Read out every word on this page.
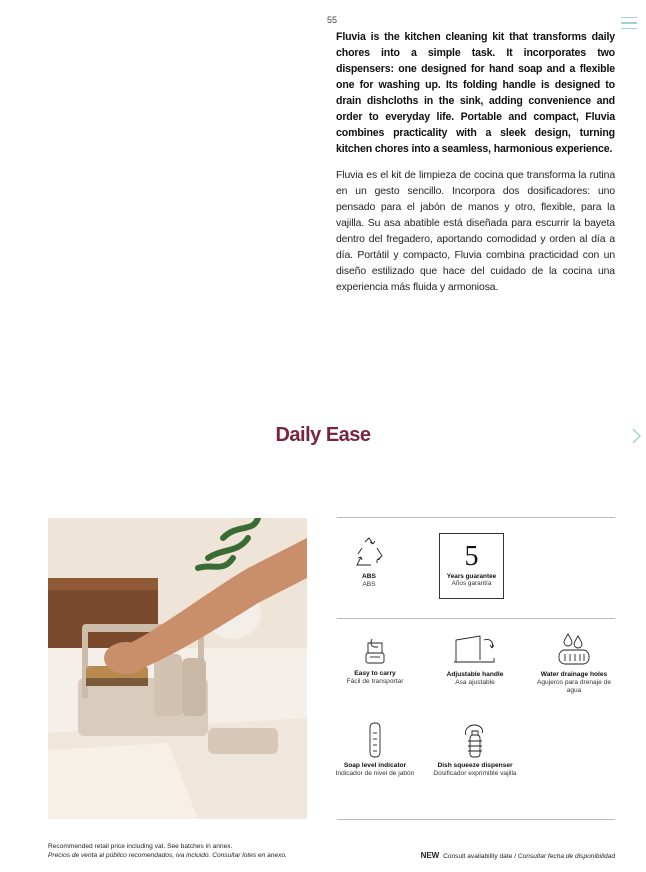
55

Fluvia is the kitchen cleaning kit that transforms daily chores into a simple task. It incorporates two dispensers: one designed for hand soap and a flexible one for washing up. Its folding handle is designed to drain dishcloths in the sink, adding convenience and order to everyday life. Portable and compact, Fluvia combines practicality with a sleek design, turning kitchen chores into a seamless, harmonious experience.

Fluvia es el kit de limpieza de cocina que transforma la rutina en un gesto sencillo. Incorpora dos dosificadores: uno pensado para el jabón de manos y otro, flexible, para la vajilla. Su asa abatible está diseñada para escurrir la bayeta dentro del fregadero, aportando comodidad y orden al día a día. Portátil y compacto, Fluvia combina practicidad con un diseño estilizado que hace del cuidado de la cocina una experiencia más fluida y armoniosa.

Daily Ease
ABS
ABS
5
Years guarantee
Años garantía
Easy to carry
Fácil de transportar
Adjustable handle
Asa ajustable
Water drainage holes
Agujeros para drenaje de agua
Soap level indicator
Indicador de nivel de jabón
Dish squeeze dispenser
Dosificador exprimible vajilla
Recommended retail price including vat. See batches in annex.
Precios de venta al público recomendados, iva incluido. Consultar lotes en anexo.	NEW Consult availability date / Consultar fecha de disponibilidad
